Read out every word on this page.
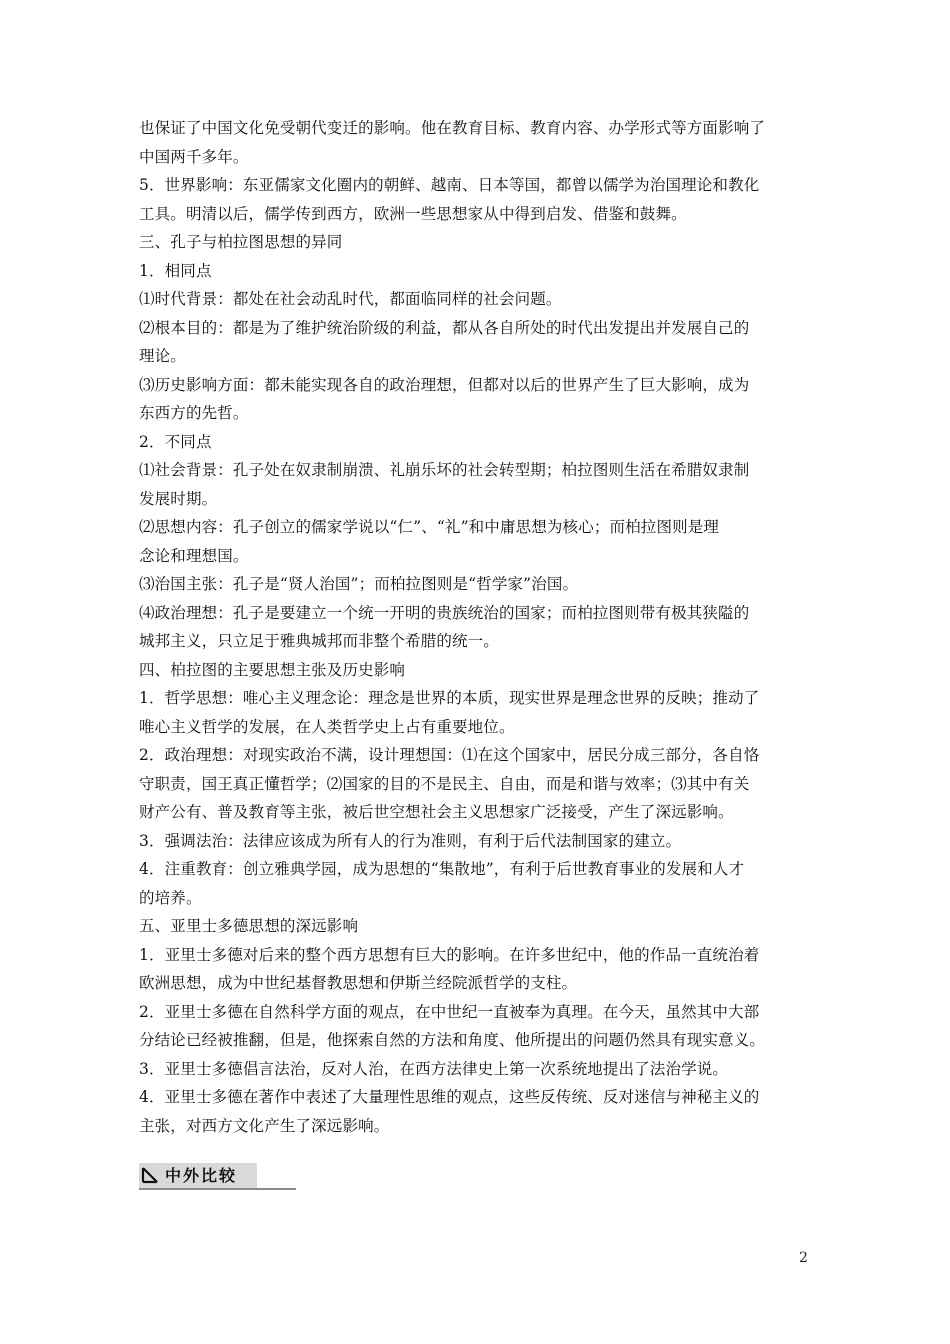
也保证了中国文化免受朝代变迁的影响。他在教育目标、教育内容、办学形式等方面影响了
中国两千多年。
5．世界影响：东亚儒家文化圈内的朝鲜、越南、日本等国，都曾以儒学为治国理论和教化
工具。明清以后，儒学传到西方，欧洲一些思想家从中得到启发、借鉴和鼓舞。
三、孔子与柏拉图思想的异同
1．相同点
⑴时代背景：都处在社会动乱时代，都面临同样的社会问题。
⑵根本目的：都是为了维护统治阶级的利益，都从各自所处的时代出发提出并发展自己的
理论。
⑶历史影响方面：都未能实现各自的政治理想，但都对以后的世界产生了巨大影响，成为
东西方的先哲。
2．不同点
⑴社会背景：孔子处在奴隶制崩溃、礼崩乐坏的社会转型期；柏拉图则生活在希腊奴隶制
发展时期。
⑵思想内容：孔子创立的儒家学说以“仁”、“礼”和中庸思想为核心；而柏拉图则是理
念论和理想国。
⑶治国主张：孔子是“贤人治国”；而柏拉图则是“哲学家”治国。
⑷政治理想：孔子是要建立一个统一开明的贵族统治的国家；而柏拉图则带有极其狭隘的
城邦主义，只立足于雅典城邦而非整个希腊的统一。
四、柏拉图的主要思想主张及历史影响
1．哲学思想：唯心主义理念论：理念是世界的本质，现实世界是理念世界的反映；推动了
唯心主义哲学的发展，在人类哲学史上占有重要地位。
2．政治理想：对现实政治不满，设计理想国：⑴在这个国家中，居民分成三部分，各自恪
守职责，国王真正懂哲学；⑵国家的目的不是民主、自由，而是和谐与效率；⑶其中有关
财产公有、普及教育等主张，被后世空想社会主义思想家广泛接受，产生了深远影响。
3．强调法治：法律应该成为所有人的行为准则，有利于后代法制国家的建立。
4．注重教育：创立雅典学园，成为思想的“集散地”，有利于后世教育事业的发展和人才
的培养。
五、亚里士多德思想的深远影响
1．亚里士多德对后来的整个西方思想有巨大的影响。在许多世纪中，他的作品一直统治着
欧洲思想，成为中世纪基督教思想和伊斯兰经院派哲学的支柱。
2．亚里士多德在自然科学方面的观点，在中世纪一直被奉为真理。在今天，虽然其中大部
分结论已经被推翻，但是，他探索自然的方法和角度、他所提出的问题仍然具有现实意义。
3．亚里士多德倡言法治，反对人治，在西方法律史上第一次系统地提出了法治学说。
4．亚里士多德在著作中表述了大量理性思维的观点，这些反传统、反对迷信与神秘主义的
主张，对西方文化产生了深远影响。
中外比较
2
